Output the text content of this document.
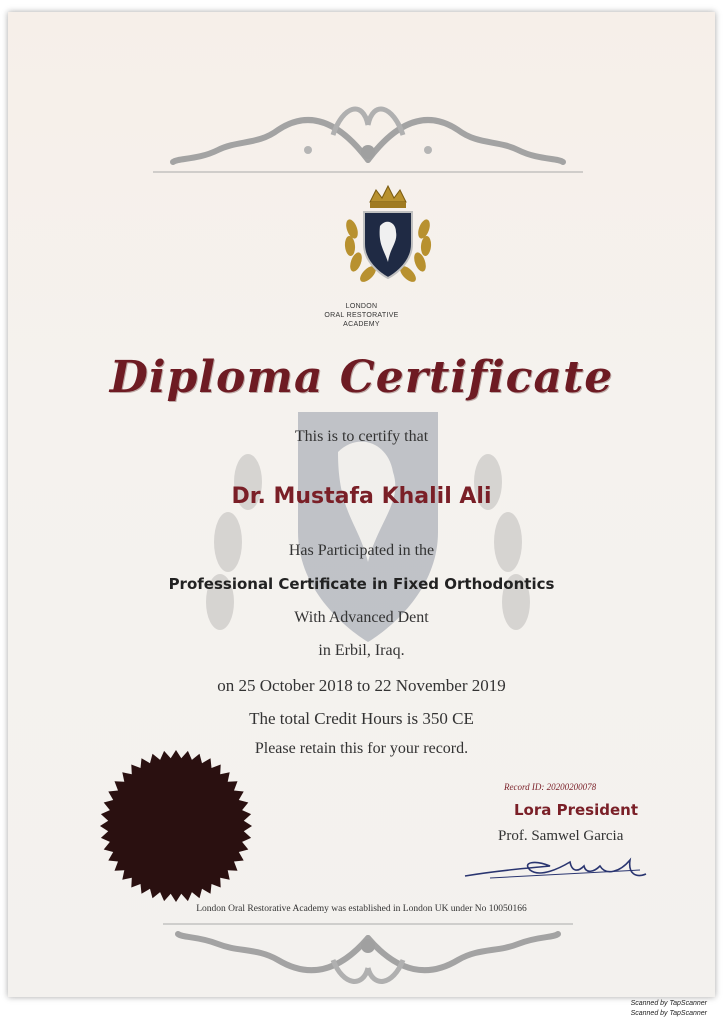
LONDON
ORAL RESTORATIVE
ACADEMY
Diploma Certificate
This is to certify that
Dr. Mustafa Khalil Ali
Has Participated in the
Professional Certificate in Fixed Orthodontics
With Advanced Dent
in Erbil, Iraq.
on 25 October 2018 to 22 November 2019
The total Credit Hours is 350 CE
Please retain this for your record.
Record ID: 20200200078
Lora President
Prof. Samwel Garcia
London Oral Restorative Academy was established in London UK under No 10050166
Scanned by TapScanner
Scanned by TapScanner
